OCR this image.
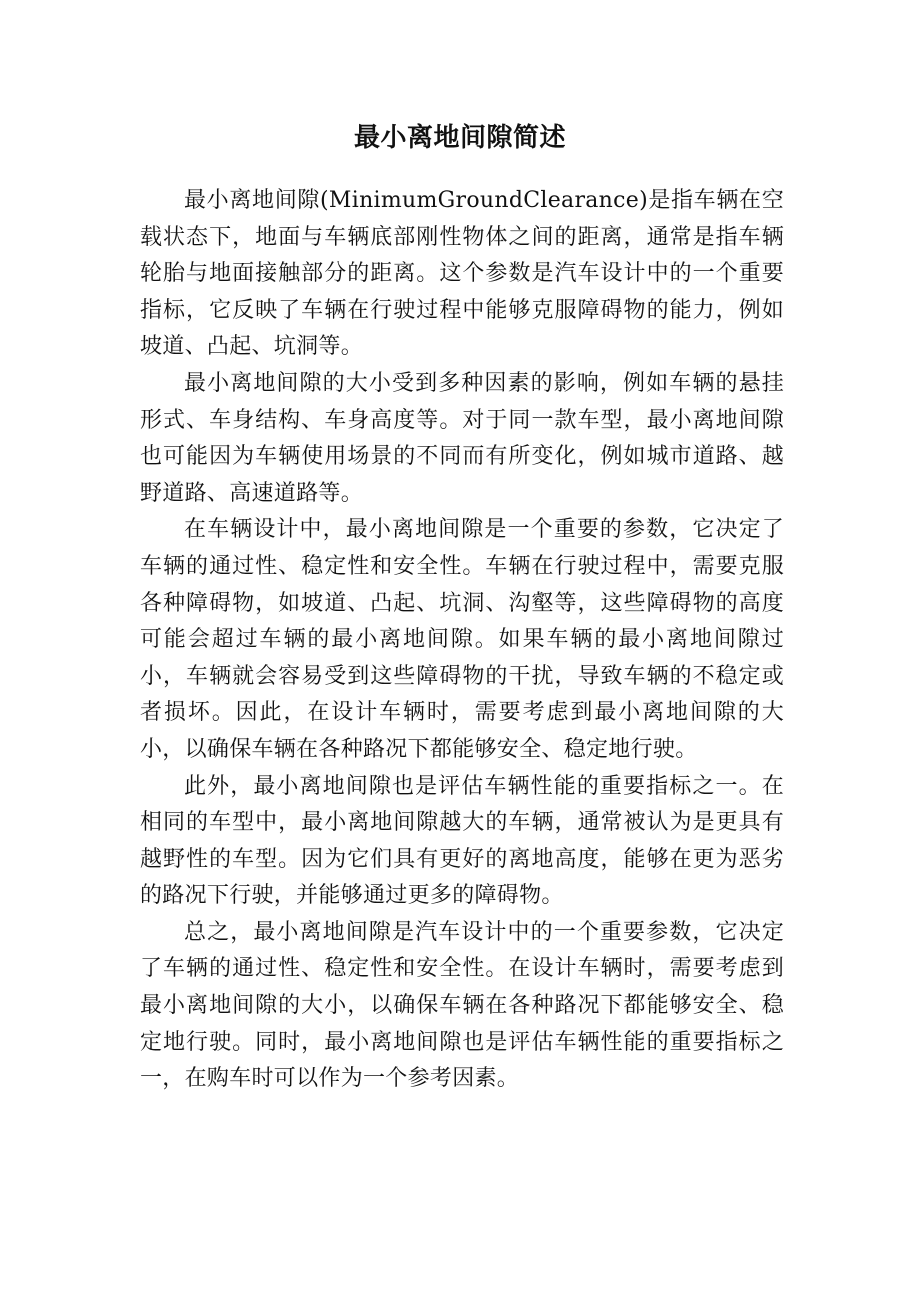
最小离地间隙简述

最小离地间隙(MinimumGroundClearance)是指车辆在空载状态下，地面与车辆底部刚性物体之间的距离，通常是指车辆轮胎与地面接触部分的距离。这个参数是汽车设计中的一个重要指标，它反映了车辆在行驶过程中能够克服障碍物的能力，例如坡道、凸起、坑洞等。

最小离地间隙的大小受到多种因素的影响，例如车辆的悬挂形式、车身结构、车身高度等。对于同一款车型，最小离地间隙也可能因为车辆使用场景的不同而有所变化，例如城市道路、越野道路、高速道路等。

在车辆设计中，最小离地间隙是一个重要的参数，它决定了车辆的通过性、稳定性和安全性。车辆在行驶过程中，需要克服各种障碍物，如坡道、凸起、坑洞、沟壑等，这些障碍物的高度可能会超过车辆的最小离地间隙。如果车辆的最小离地间隙过小，车辆就会容易受到这些障碍物的干扰，导致车辆的不稳定或者损坏。因此，在设计车辆时，需要考虑到最小离地间隙的大小，以确保车辆在各种路况下都能够安全、稳定地行驶。

此外，最小离地间隙也是评估车辆性能的重要指标之一。在相同的车型中，最小离地间隙越大的车辆，通常被认为是更具有越野性的车型。因为它们具有更好的离地高度，能够在更为恶劣的路况下行驶，并能够通过更多的障碍物。

总之，最小离地间隙是汽车设计中的一个重要参数，它决定了车辆的通过性、稳定性和安全性。在设计车辆时，需要考虑到最小离地间隙的大小，以确保车辆在各种路况下都能够安全、稳定地行驶。同时，最小离地间隙也是评估车辆性能的重要指标之一，在购车时可以作为一个参考因素。
